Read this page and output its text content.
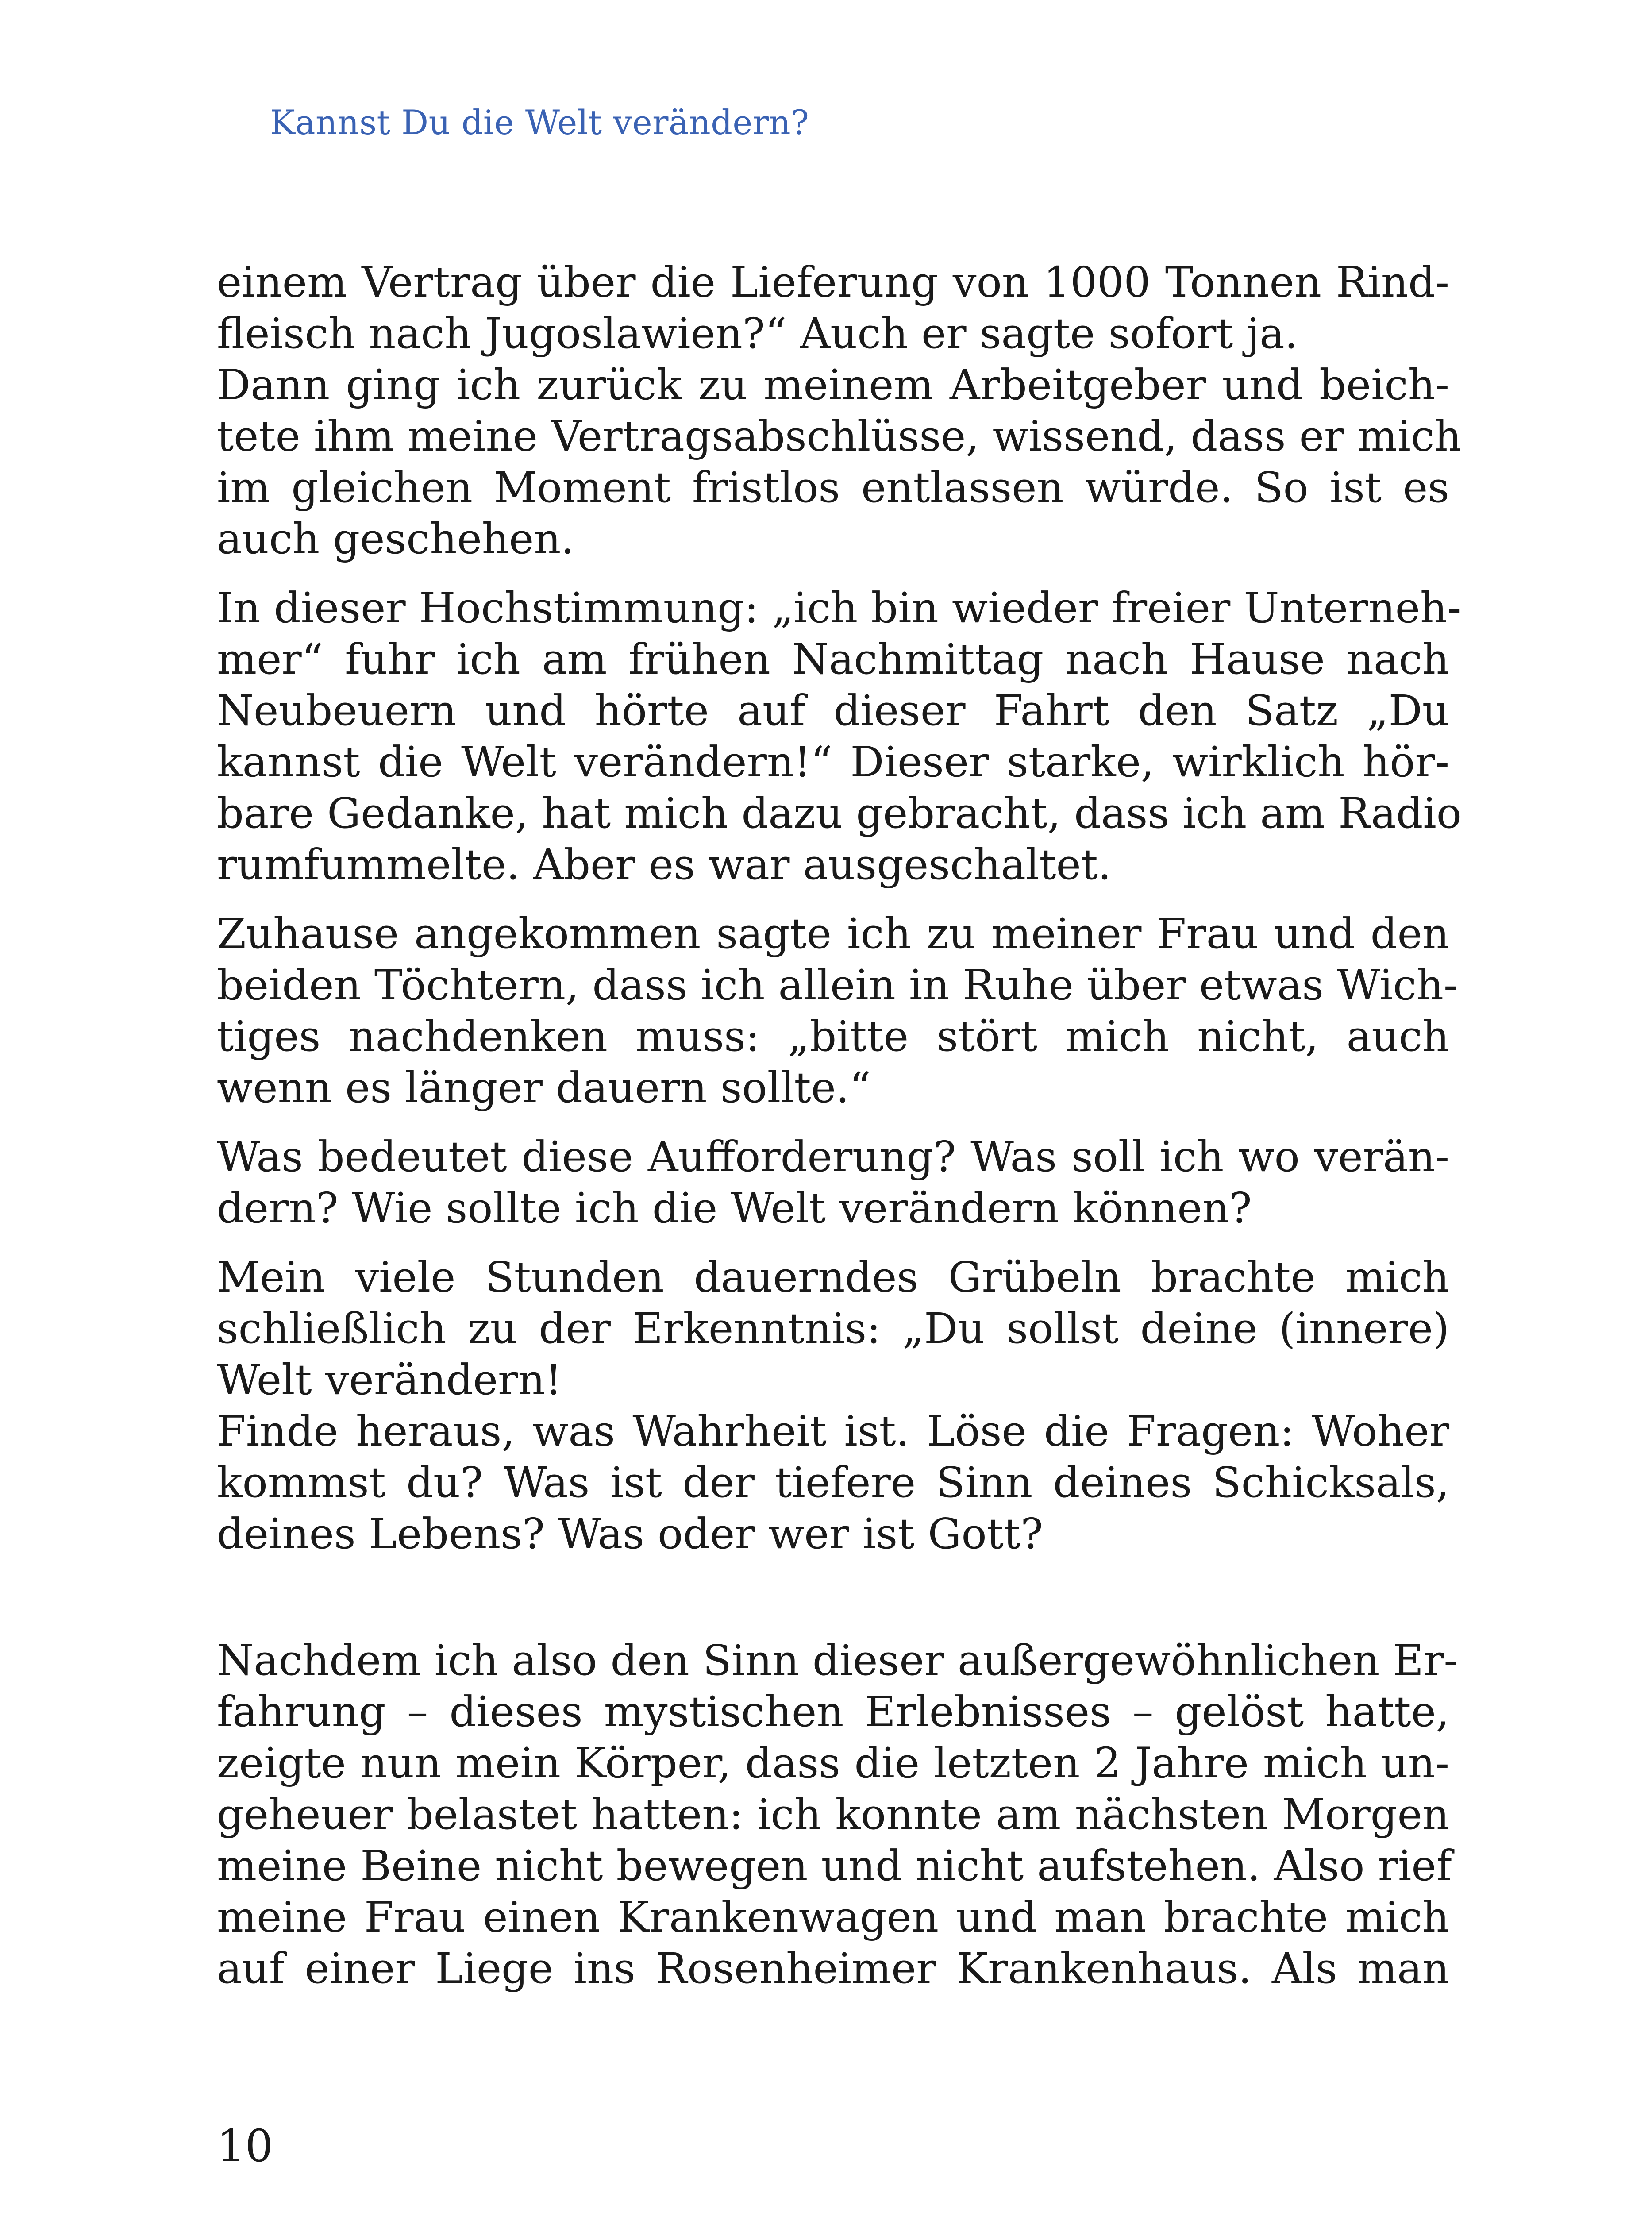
Kannst Du die Welt verändern?

einem Vertrag über die Lieferung von 1000 Tonnen Rind-
fleisch nach Jugoslawien?“ Auch er sagte sofort ja.

Dann ging ich zurück zu meinem Arbeitgeber und beich-
tete ihm meine Vertragsabschlüsse, wissend, dass er mich
im gleichen Moment fristlos entlassen würde. So ist es
auch geschehen.

In dieser Hochstimmung: „ich bin wieder freier Unterneh-
mer“ fuhr ich am frühen Nachmittag nach Hause nach
Neubeuern und hörte auf dieser Fahrt den Satz „Du
kannst die Welt verändern!“ Dieser starke, wirklich hör-
bare Gedanke, hat mich dazu gebracht, dass ich am Radio
rumfummelte. Aber es war ausgeschaltet.

Zuhause angekommen sagte ich zu meiner Frau und den
beiden Töchtern, dass ich allein in Ruhe über etwas Wich-
tiges nachdenken muss: „bitte stört mich nicht, auch
wenn es länger dauern sollte.“

Was bedeutet diese Aufforderung? Was soll ich wo verän-
dern? Wie sollte ich die Welt verändern können?

Mein viele Stunden dauerndes Grübeln brachte mich
schließlich zu der Erkenntnis: „Du sollst deine (innere)
Welt verändern!

Finde heraus, was Wahrheit ist. Löse die Fragen: Woher
kommst du? Was ist der tiefere Sinn deines Schicksals,
deines Lebens? Was oder wer ist Gott?

Nachdem ich also den Sinn dieser außergewöhnlichen Er-
fahrung – dieses mystischen Erlebnisses – gelöst hatte,
zeigte nun mein Körper, dass die letzten 2 Jahre mich un-
geheuer belastet hatten: ich konnte am nächsten Morgen
meine Beine nicht bewegen und nicht aufstehen. Also rief
meine Frau einen Krankenwagen und man brachte mich
auf einer Liege ins Rosenheimer Krankenhaus. Als man

10
